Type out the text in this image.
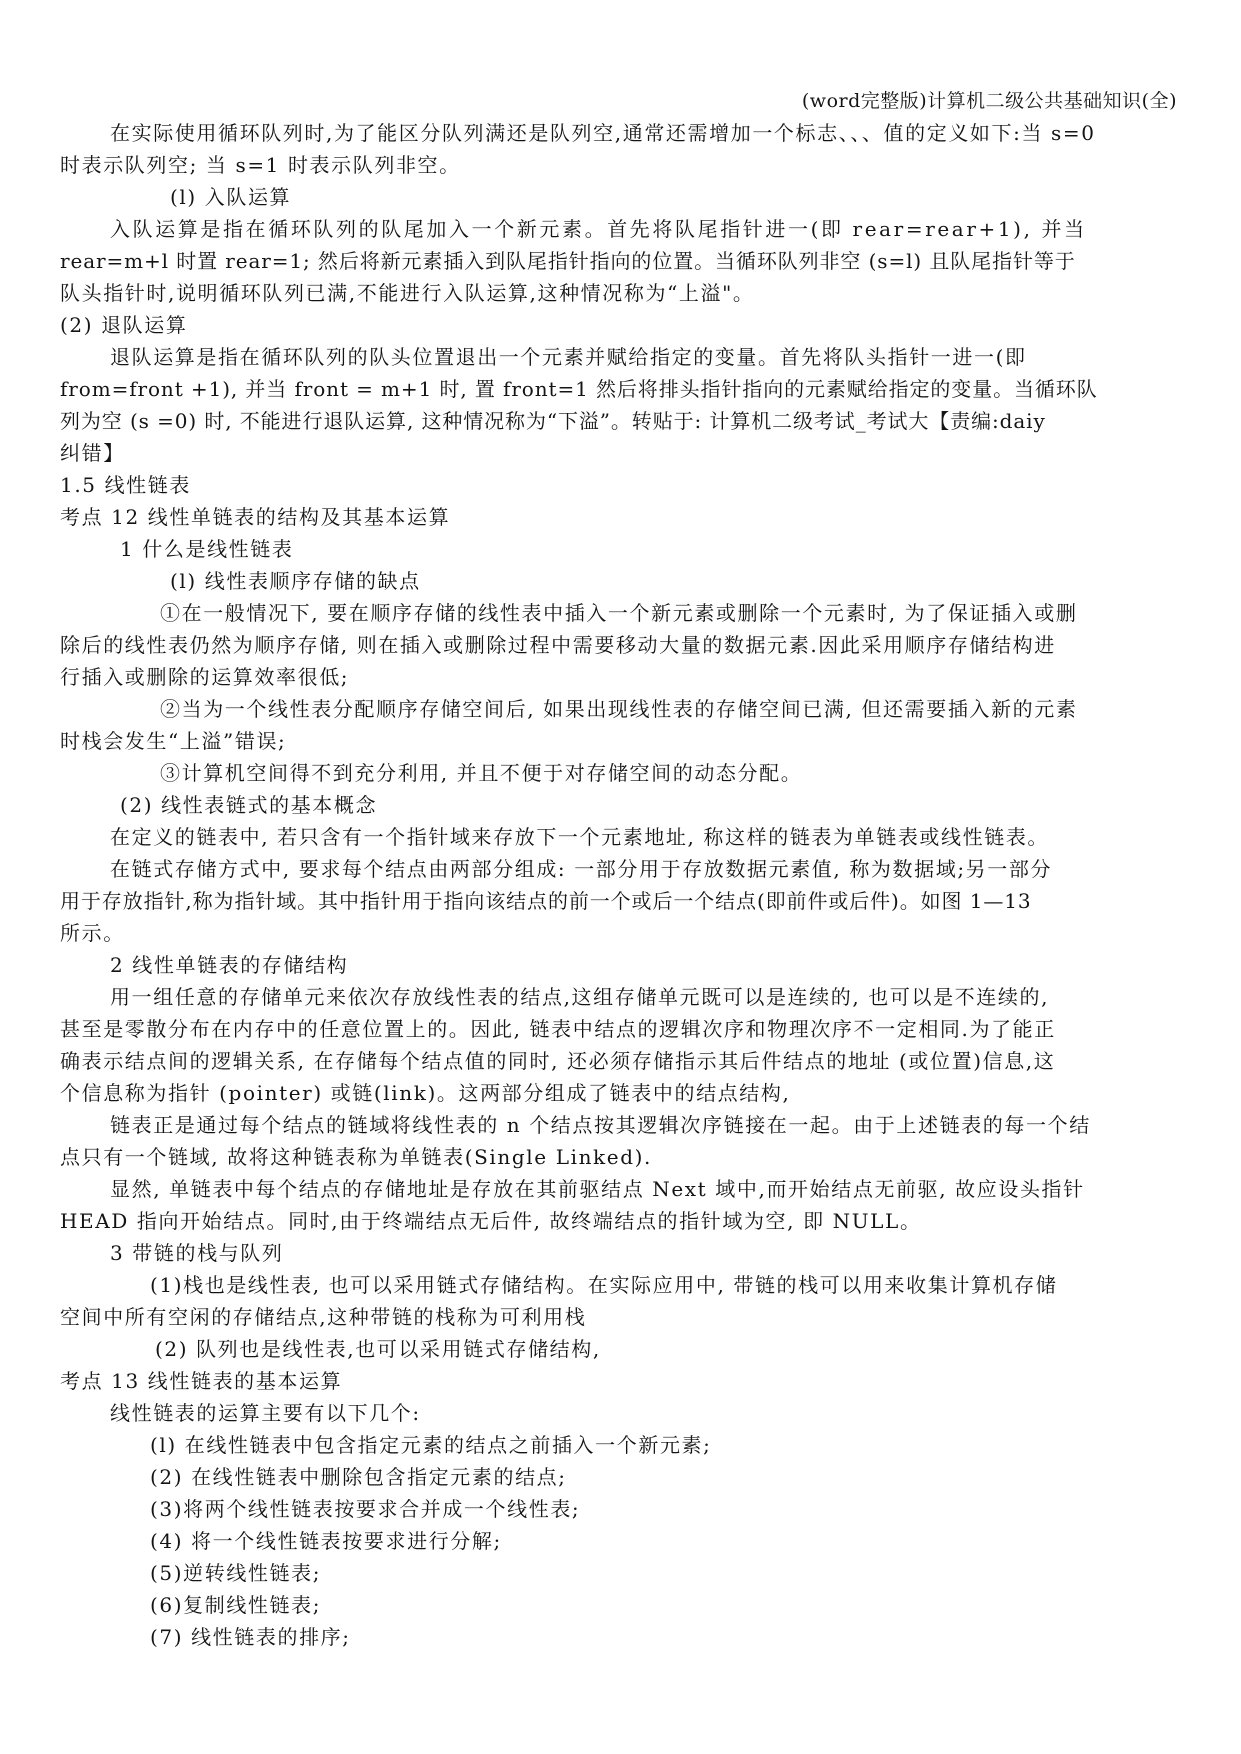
(word完整版)计算机二级公共基础知识(全)
在实际使用循环队列时,为了能区分队列满还是队列空,通常还需增加一个标志、、、值的定义如下:当 s=0
时表示队列空; 当 s=1 时表示队列非空。
(l) 入队运算
入队运算是指在循环队列的队尾加入一个新元素。首先将队尾指针进一(即 rear=rear+1), 并当
rear=m+l 时置 rear=1; 然后将新元素插入到队尾指针指向的位置。当循环队列非空 (s=l) 且队尾指针等于
队头指针时,说明循环队列已满,不能进行入队运算,这种情况称为“上溢"。
(2) 退队运算
退队运算是指在循环队列的队头位置退出一个元素并赋给指定的变量。首先将队头指针一进一(即
from=front +1), 并当 front = m+1 时, 置 front=1 然后将排头指针指向的元素赋给指定的变量。当循环队
列为空 (s =0) 时, 不能进行退队运算, 这种情况称为“下溢”。转贴于: 计算机二级考试_考试大【责编:daiy
纠错】
1.5 线性链表
考点 12 线性单链表的结构及其基本运算
1 什么是线性链表
(l) 线性表顺序存储的缺点
①在一般情况下, 要在顺序存储的线性表中插入一个新元素或删除一个元素时, 为了保证插入或删
除后的线性表仍然为顺序存储, 则在插入或删除过程中需要移动大量的数据元素.因此采用顺序存储结构进
行插入或删除的运算效率很低;
②当为一个线性表分配顺序存储空间后, 如果出现线性表的存储空间已满, 但还需要插入新的元素
时栈会发生“上溢”错误;
③计算机空间得不到充分利用, 并且不便于对存储空间的动态分配。
(2) 线性表链式的基本概念
在定义的链表中, 若只含有一个指针域来存放下一个元素地址, 称这样的链表为单链表或线性链表。
在链式存储方式中, 要求每个结点由两部分组成: 一部分用于存放数据元素值, 称为数据域;另一部分
用于存放指针,称为指针域。其中指针用于指向该结点的前一个或后一个结点(即前件或后件)。如图 1—13
所示。
2 线性单链表的存储结构
用一组任意的存储单元来依次存放线性表的结点,这组存储单元既可以是连续的, 也可以是不连续的,
甚至是零散分布在内存中的任意位置上的。因此, 链表中结点的逻辑次序和物理次序不一定相同.为了能正
确表示结点间的逻辑关系, 在存储每个结点值的同时, 还必须存储指示其后件结点的地址 (或位置)信息,这
个信息称为指针 (pointer) 或链(link)。这两部分组成了链表中的结点结构,
链表正是通过每个结点的链域将线性表的 n 个结点按其逻辑次序链接在一起。由于上述链表的每一个结
点只有一个链域, 故将这种链表称为单链表(Single Linked).
显然, 单链表中每个结点的存储地址是存放在其前驱结点 Next 域中,而开始结点无前驱, 故应设头指针
HEAD 指向开始结点。同时,由于终端结点无后件, 故终端结点的指针域为空, 即 NULL。
3 带链的栈与队列
(1)栈也是线性表, 也可以采用链式存储结构。在实际应用中, 带链的栈可以用来收集计算机存储
空间中所有空闲的存储结点,这种带链的栈称为可利用栈
(2) 队列也是线性表,也可以采用链式存储结构,
考点 13 线性链表的基本运算
线性链表的运算主要有以下几个:
(l) 在线性链表中包含指定元素的结点之前插入一个新元素;
(2) 在线性链表中删除包含指定元素的结点;
(3)将两个线性链表按要求合并成一个线性表;
(4) 将一个线性链表按要求进行分解;
(5)逆转线性链表;
(6)复制线性链表;
(7) 线性链表的排序;
